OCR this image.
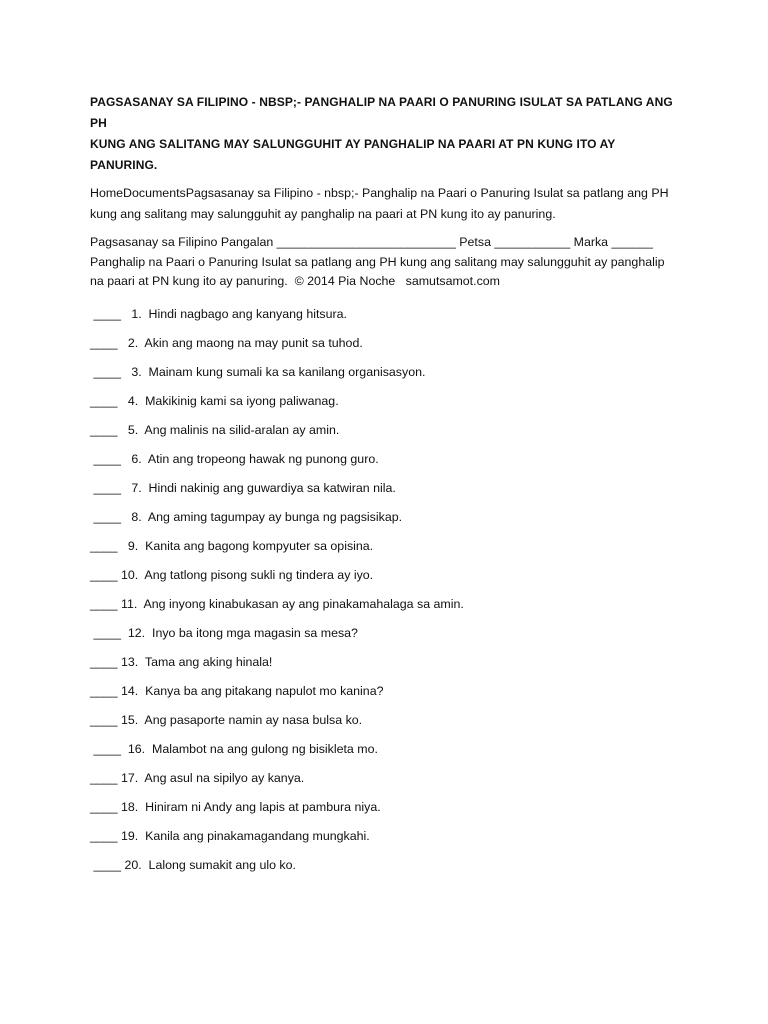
PAGSASANAY SA FILIPINO - NBSP;- PANGHALIP NA PAARI O PANURING ISULAT SA PATLANG ANG PH
KUNG ANG SALITANG MAY SALUNGGUHIT AY PANGHALIP NA PAARI AT PN KUNG ITO AY PANURING.
HomeDocumentsPagsasanay sa Filipino - nbsp;- Panghalip na Paari o Panuring Isulat sa patlang ang PH
kung ang salitang may salungguhit ay panghalip na paari at PN kung ito ay panuring.
Pagsasanay sa Filipino Pangalan __________________________ Petsa ___________ Marka ______
Panghalip na Paari o Panuring Isulat sa patlang ang PH kung ang salitang may salungguhit ay panghalip
na paari at PN kung ito ay panuring.  © 2014 Pia Noche   samutsamot.com
____   1.  Hindi nagbago ang kanyang hitsura.
____   2.  Akin ang maong na may punit sa tuhod.
____   3.  Mainam kung sumali ka sa kanilang organisasyon.
____   4.  Makikinig kami sa iyong paliwanag.
____   5.  Ang malinis na silid-aralan ay amin.
____   6.  Atin ang tropeong hawak ng punong guro.
____   7.  Hindi nakinig ang guwardiya sa katwiran nila.
____   8.  Ang aming tagumpay ay bunga ng pagsisikap.
____   9.  Kanita ang bagong kompyuter sa opisina.
____ 10.  Ang tatlong pisong sukli ng tindera ay iyo.
____ 11.  Ang inyong kinabukasan ay ang pinakamahalaga sa amin.
____  12.  Inyo ba itong mga magasin sa mesa?
____ 13.  Tama ang aking hinala!
____ 14.  Kanya ba ang pitakang napulot mo kanina?
____ 15.  Ang pasaporte namin ay nasa bulsa ko.
____  16.  Malambot na ang gulong ng bisikleta mo.
____ 17.  Ang asul na sipilyo ay kanya.
____ 18.  Hiniram ni Andy ang lapis at pambura niya.
____ 19.  Kanila ang pinakamagandang mungkahi.
____ 20.  Lalong sumakit ang ulo ko.
